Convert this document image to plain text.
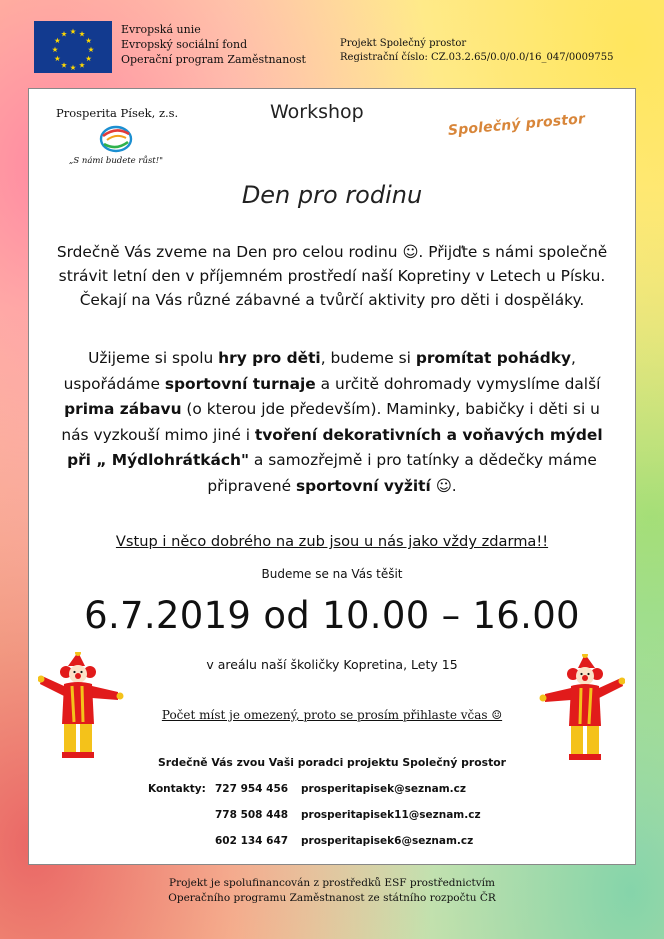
Evropská unie
Evropský sociální fond
Operační program Zaměstnanost
Projekt Společný prostor
Registrační číslo: CZ.03.2.65/0.0/0.0/16_047/0009755
Prosperita Písek, z.s.
„S námi budete růst!"
Workshop	Společný prostor
Den pro rodinu
Srdečně Vás zveme na Den pro celou rodinu ☺. Přijďte s námi společně strávit letní den v příjemném prostředí naší Kopretiny v Letech u Písku. Čekají na Vás různé zábavné a tvůrčí aktivity pro děti i dospěláky.
Užijeme si spolu hry pro děti, budeme si promítat pohádky, uspořádáme sportovní turnaje a určitě dohromady vymyslíme další prima zábavu (o kterou jde především). Maminky, babičky i děti si u nás vyzkouší mimo jiné i tvoření dekorativních a voňavých mýdel při „ Mýdlohrátkách" a samozřejmě i pro tatínky a dědečky máme připravené sportovní vyžití ☺.
Vstup i něco dobrého na zub jsou u nás jako vždy zdarma!!
Budeme se na Vás těšit
6.7.2019 od 10.00 – 16.00
v areálu naší školičky Kopretina, Lety 15
Počet míst je omezený, proto se prosím přihlaste včas ☺
Srdečně Vás zvou Vaši poradci projektu Společný prostor
Kontakty: 727 954 456 prosperitapisek@seznam.cz
778 508 448 prosperitapisek11@seznam.cz
602 134 647 prosperitapisek6@seznam.cz
Projekt je spolufinancován z prostředků ESF prostřednictvím
Operačního programu Zaměstnanost ze státního rozpočtu ČR
